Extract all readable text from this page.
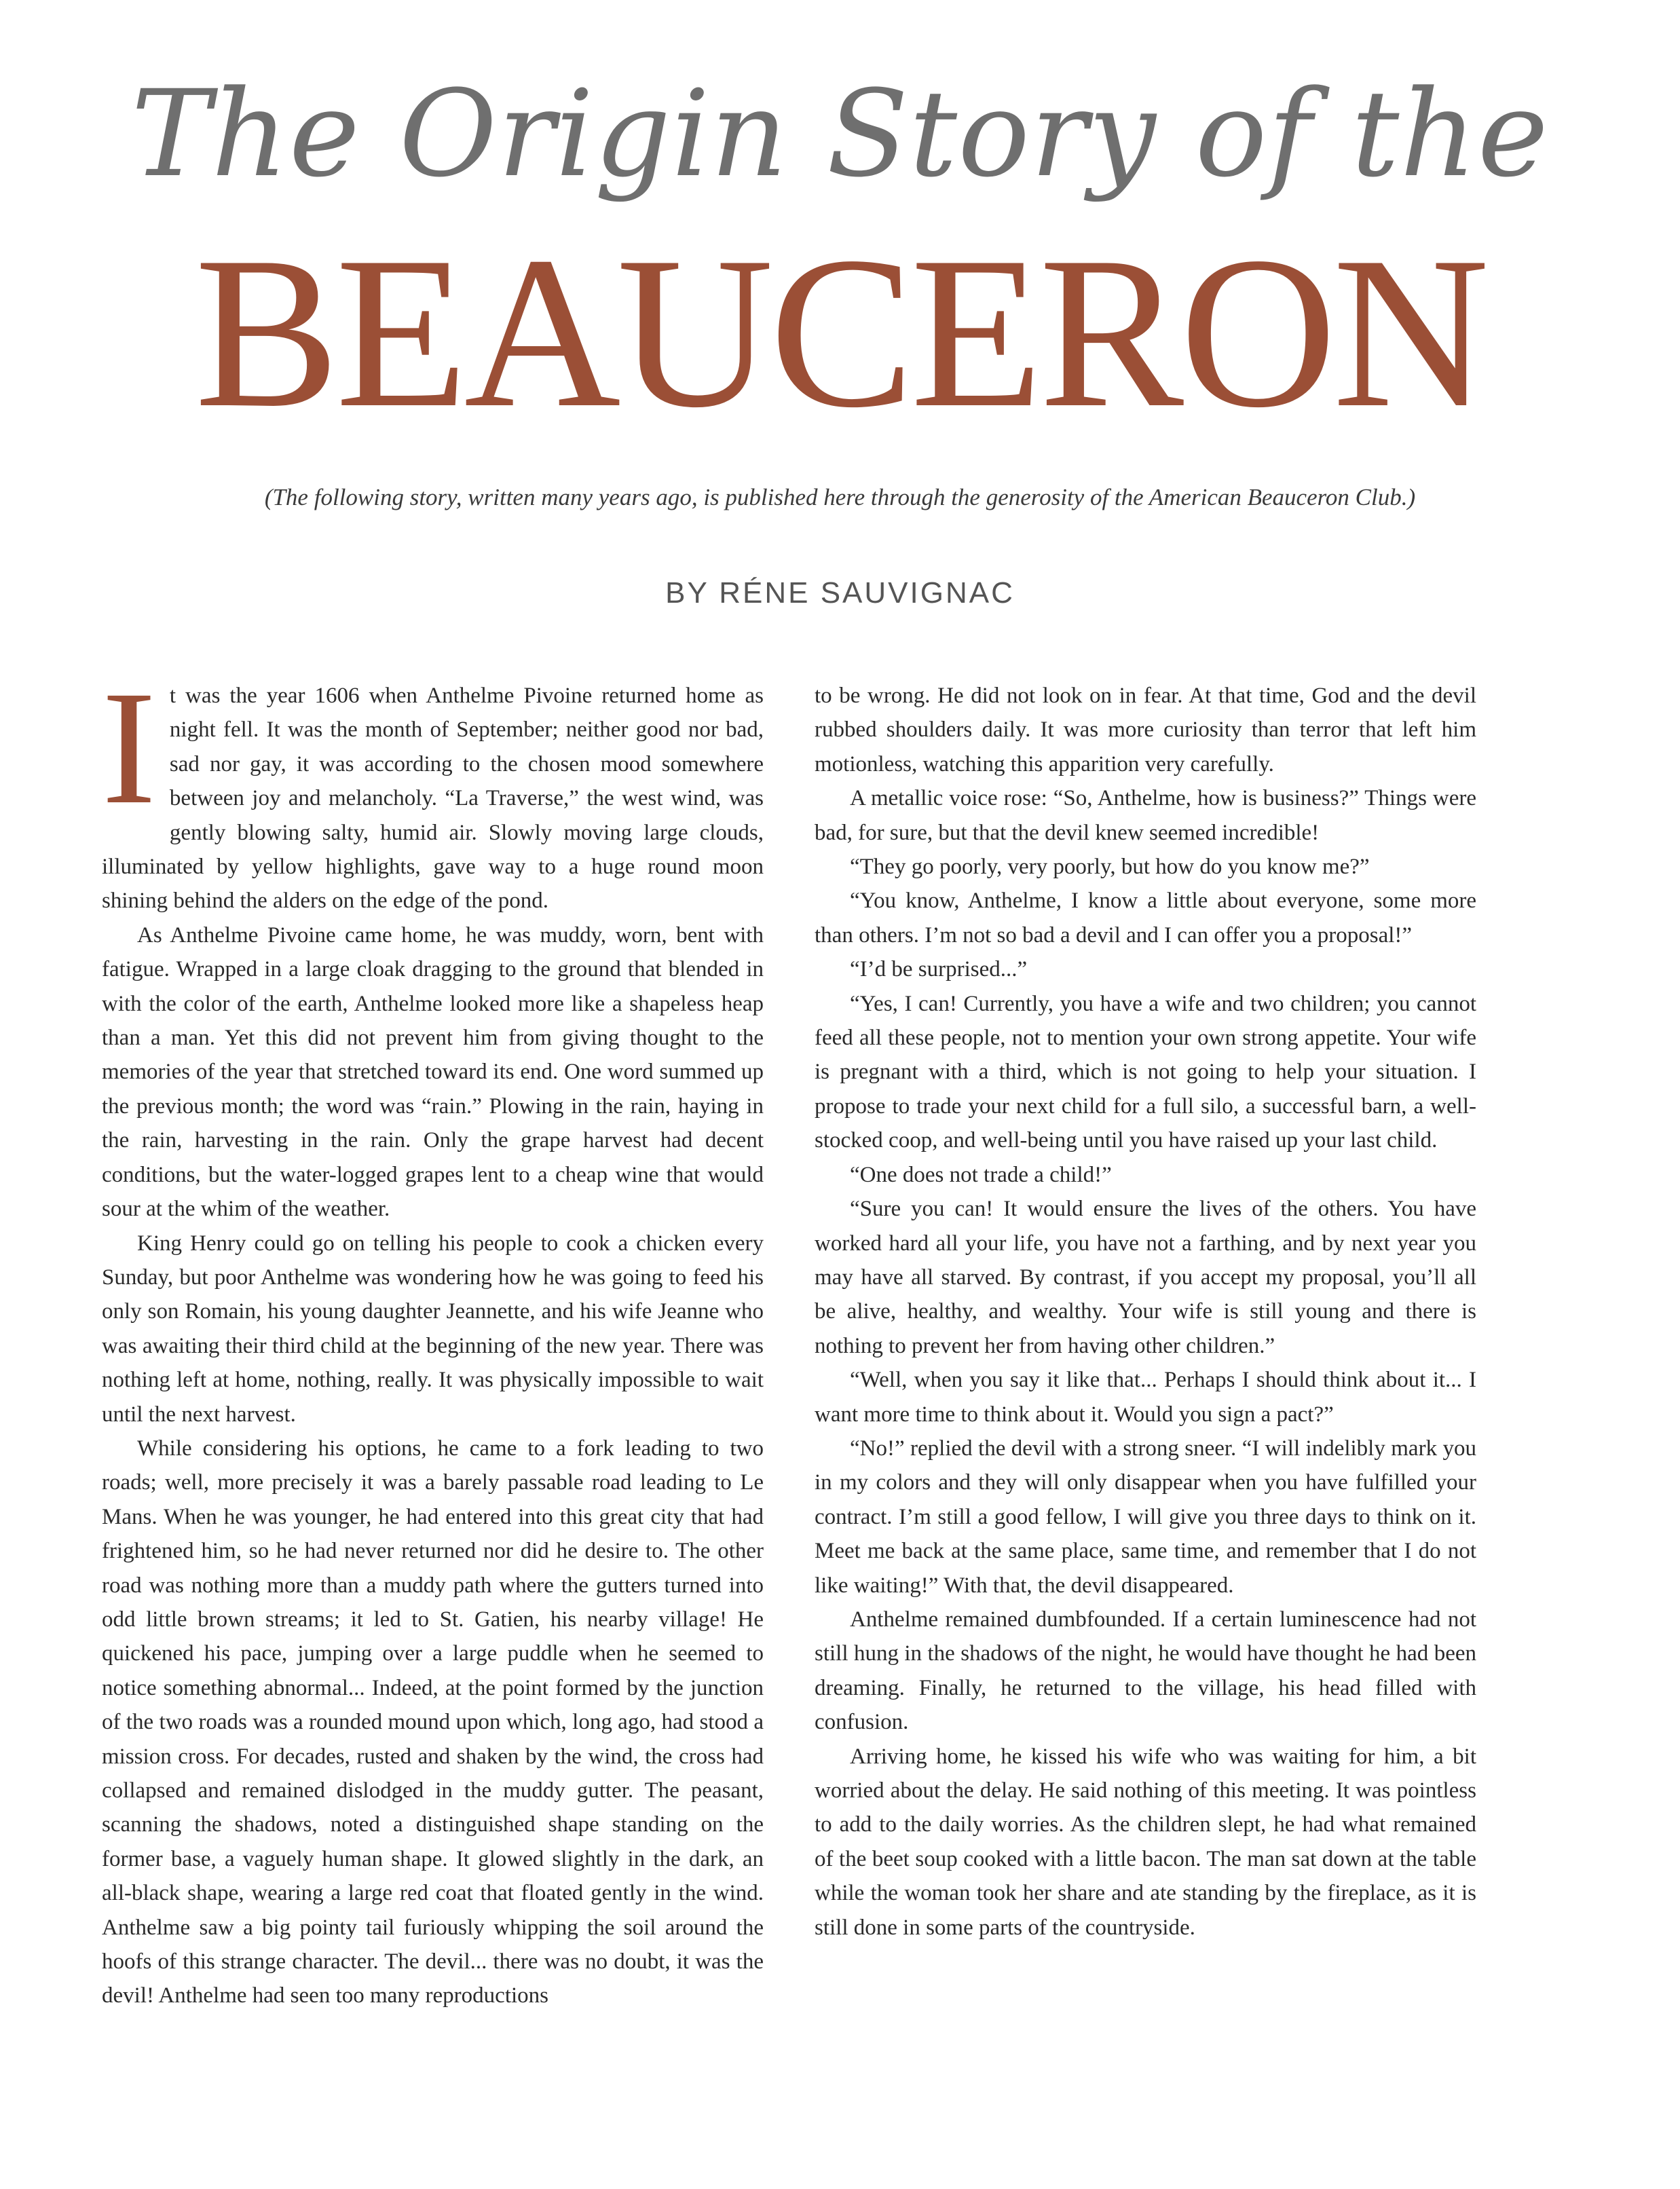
The Origin Story of the
BEAUCERON
(The following story, written many years ago, is published here through the generosity of the American Beauceron Club.)
BY RÉNE SAUVIGNAC

It was the year 1606 when Anthelme Pivoine returned home as night fell. It was the month of September; neither good nor bad, sad nor gay, it was according to the chosen mood somewhere between joy and melancholy. “La Traverse,” the west wind, was gently blowing salty, humid air. Slowly moving large clouds, illuminated by yellow highlights, gave way to a huge round moon shining behind the alders on the edge of the pond.

As Anthelme Pivoine came home, he was muddy, worn, bent with fatigue. Wrapped in a large cloak dragging to the ground that blended in with the color of the earth, Anthelme looked more like a shapeless heap than a man. Yet this did not prevent him from giving thought to the memories of the year that stretched toward its end. One word summed up the previous month; the word was “rain.” Plowing in the rain, haying in the rain, harvesting in the rain. Only the grape harvest had decent conditions, but the water-logged grapes lent to a cheap wine that would sour at the whim of the weather.

King Henry could go on telling his people to cook a chicken every Sunday, but poor Anthelme was wondering how he was going to feed his only son Romain, his young daughter Jeannette, and his wife Jeanne who was awaiting their third child at the beginning of the new year. There was nothing left at home, nothing, really. It was physically impossible to wait until the next harvest.

While considering his options, he came to a fork leading to two roads; well, more precisely it was a barely passable road leading to Le Mans. When he was younger, he had entered into this great city that had frightened him, so he had never returned nor did he desire to. The other road was nothing more than a muddy path where the gutters turned into odd little brown streams; it led to St. Gatien, his nearby village! He quickened his pace, jumping over a large puddle when he seemed to notice something abnormal... Indeed, at the point formed by the junction of the two roads was a rounded mound upon which, long ago, had stood a mission cross. For decades, rusted and shaken by the wind, the cross had collapsed and remained dislodged in the muddy gutter. The peasant, scanning the shadows, noted a distinguished shape standing on the former base, a vaguely human shape. It glowed slightly in the dark, an all-black shape, wearing a large red coat that floated gently in the wind. Anthelme saw a big pointy tail furiously whipping the soil around the hoofs of this strange character. The devil... there was no doubt, it was the devil! Anthelme had seen too many reproductions

to be wrong. He did not look on in fear. At that time, God and the devil rubbed shoulders daily. It was more curiosity than terror that left him motionless, watching this apparition very carefully.

A metallic voice rose: “So, Anthelme, how is business?” Things were bad, for sure, but that the devil knew seemed incredible!

“They go poorly, very poorly, but how do you know me?”

“You know, Anthelme, I know a little about everyone, some more than others. I’m not so bad a devil and I can offer you a proposal!”

“I’d be surprised...”

“Yes, I can! Currently, you have a wife and two children; you cannot feed all these people, not to mention your own strong appetite. Your wife is pregnant with a third, which is not going to help your situation. I propose to trade your next child for a full silo, a successful barn, a well-stocked coop, and well-being until you have raised up your last child.

“One does not trade a child!”

“Sure you can! It would ensure the lives of the others. You have worked hard all your life, you have not a farthing, and by next year you may have all starved. By contrast, if you accept my proposal, you’ll all be alive, healthy, and wealthy. Your wife is still young and there is nothing to prevent her from having other children.”

“Well, when you say it like that... Perhaps I should think about it... I want more time to think about it. Would you sign a pact?”

“No!” replied the devil with a strong sneer. “I will indelibly mark you in my colors and they will only disappear when you have fulfilled your contract. I’m still a good fellow, I will give you three days to think on it. Meet me back at the same place, same time, and remember that I do not like waiting!” With that, the devil disappeared.

Anthelme remained dumbfounded. If a certain luminescence had not still hung in the shadows of the night, he would have thought he had been dreaming. Finally, he returned to the village, his head filled with confusion.

Arriving home, he kissed his wife who was waiting for him, a bit worried about the delay. He said nothing of this meeting. It was pointless to add to the daily worries. As the children slept, he had what remained of the beet soup cooked with a little bacon. The man sat down at the table while the woman took her share and ate standing by the fireplace, as it is still done in some parts of the countryside.
